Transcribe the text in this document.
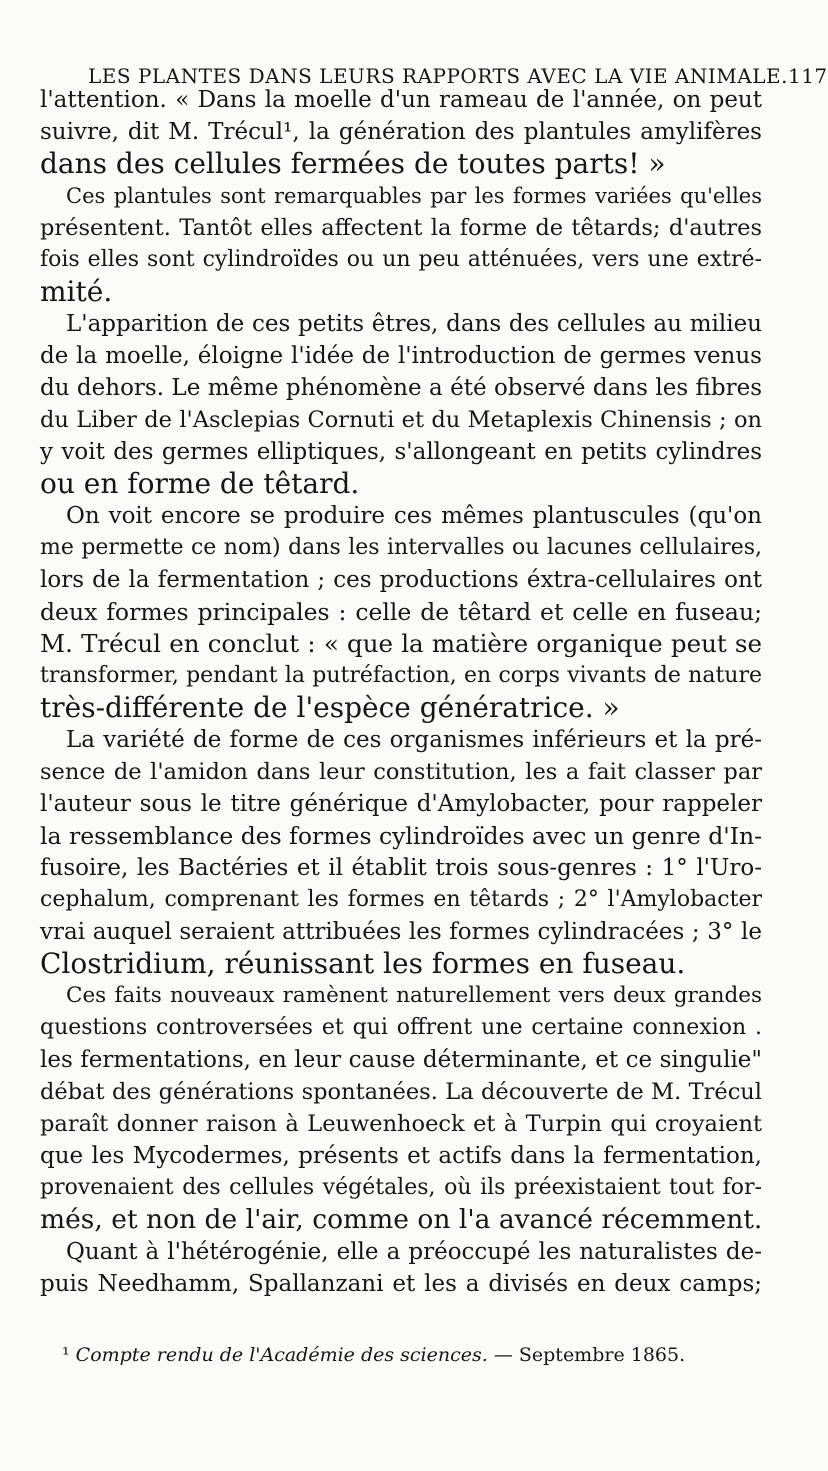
LES PLANTES DANS LEURS RAPPORTS AVEC LA VIE ANIMALE. 117
l'attention. « Dans la moelle d'un rameau de l'année, on peut
suivre, dit M. Trécul¹, la génération des plantules amylifères
dans des cellules fermées de toutes parts! »
Ces plantules sont remarquables par les formes variées qu'elles
présentent. Tantôt elles affectent la forme de têtards; d'autres
fois elles sont cylindroïdes ou un peu atténuées, vers une extré-
mité.
L'apparition de ces petits êtres, dans des cellules au milieu
de la moelle, éloigne l'idée de l'introduction de germes venus
du dehors. Le même phénomène a été observé dans les fibres
du Liber de l'Asclepias Cornuti et du Metaplexis Chinensis ; on
y voit des germes elliptiques, s'allongeant en petits cylindres
ou en forme de têtard.
On voit encore se produire ces mêmes plantuscules (qu'on
me permette ce nom) dans les intervalles ou lacunes cellulaires,
lors de la fermentation ; ces productions éxtra-cellulaires ont
deux formes principales : celle de têtard et celle en fuseau;
M. Trécul en conclut : « que la matière organique peut se
transformer, pendant la putréfaction, en corps vivants de nature
très-différente de l'espèce génératrice. »
La variété de forme de ces organismes inférieurs et la pré-
sence de l'amidon dans leur constitution, les a fait classer par
l'auteur sous le titre générique d'Amylobacter, pour rappeler
la ressemblance des formes cylindroïdes avec un genre d'In-
fusoire, les Bactéries et il établit trois sous-genres : 1° l'Uro-
cephalum, comprenant les formes en têtards ; 2° l'Amylobacter
vrai auquel seraient attribuées les formes cylindracées ; 3° le
Clostridium, réunissant les formes en fuseau.
Ces faits nouveaux ramènent naturellement vers deux grandes
questions controversées et qui offrent une certaine connexion .
les fermentations, en leur cause déterminante, et ce singulie"
débat des générations spontanées. La découverte de M. Trécul
paraît donner raison à Leuwenhoeck et à Turpin qui croyaient
que les Mycodermes, présents et actifs dans la fermentation,
provenaient des cellules végétales, où ils préexistaient tout for-
més, et non de l'air, comme on l'a avancé récemment.
Quant à l'hétérogénie, elle a préoccupé les naturalistes de-
puis Needhamm, Spallanzani et les a divisés en deux camps;
¹ Compte rendu de l'Académie des sciences. — Septembre 1865.
